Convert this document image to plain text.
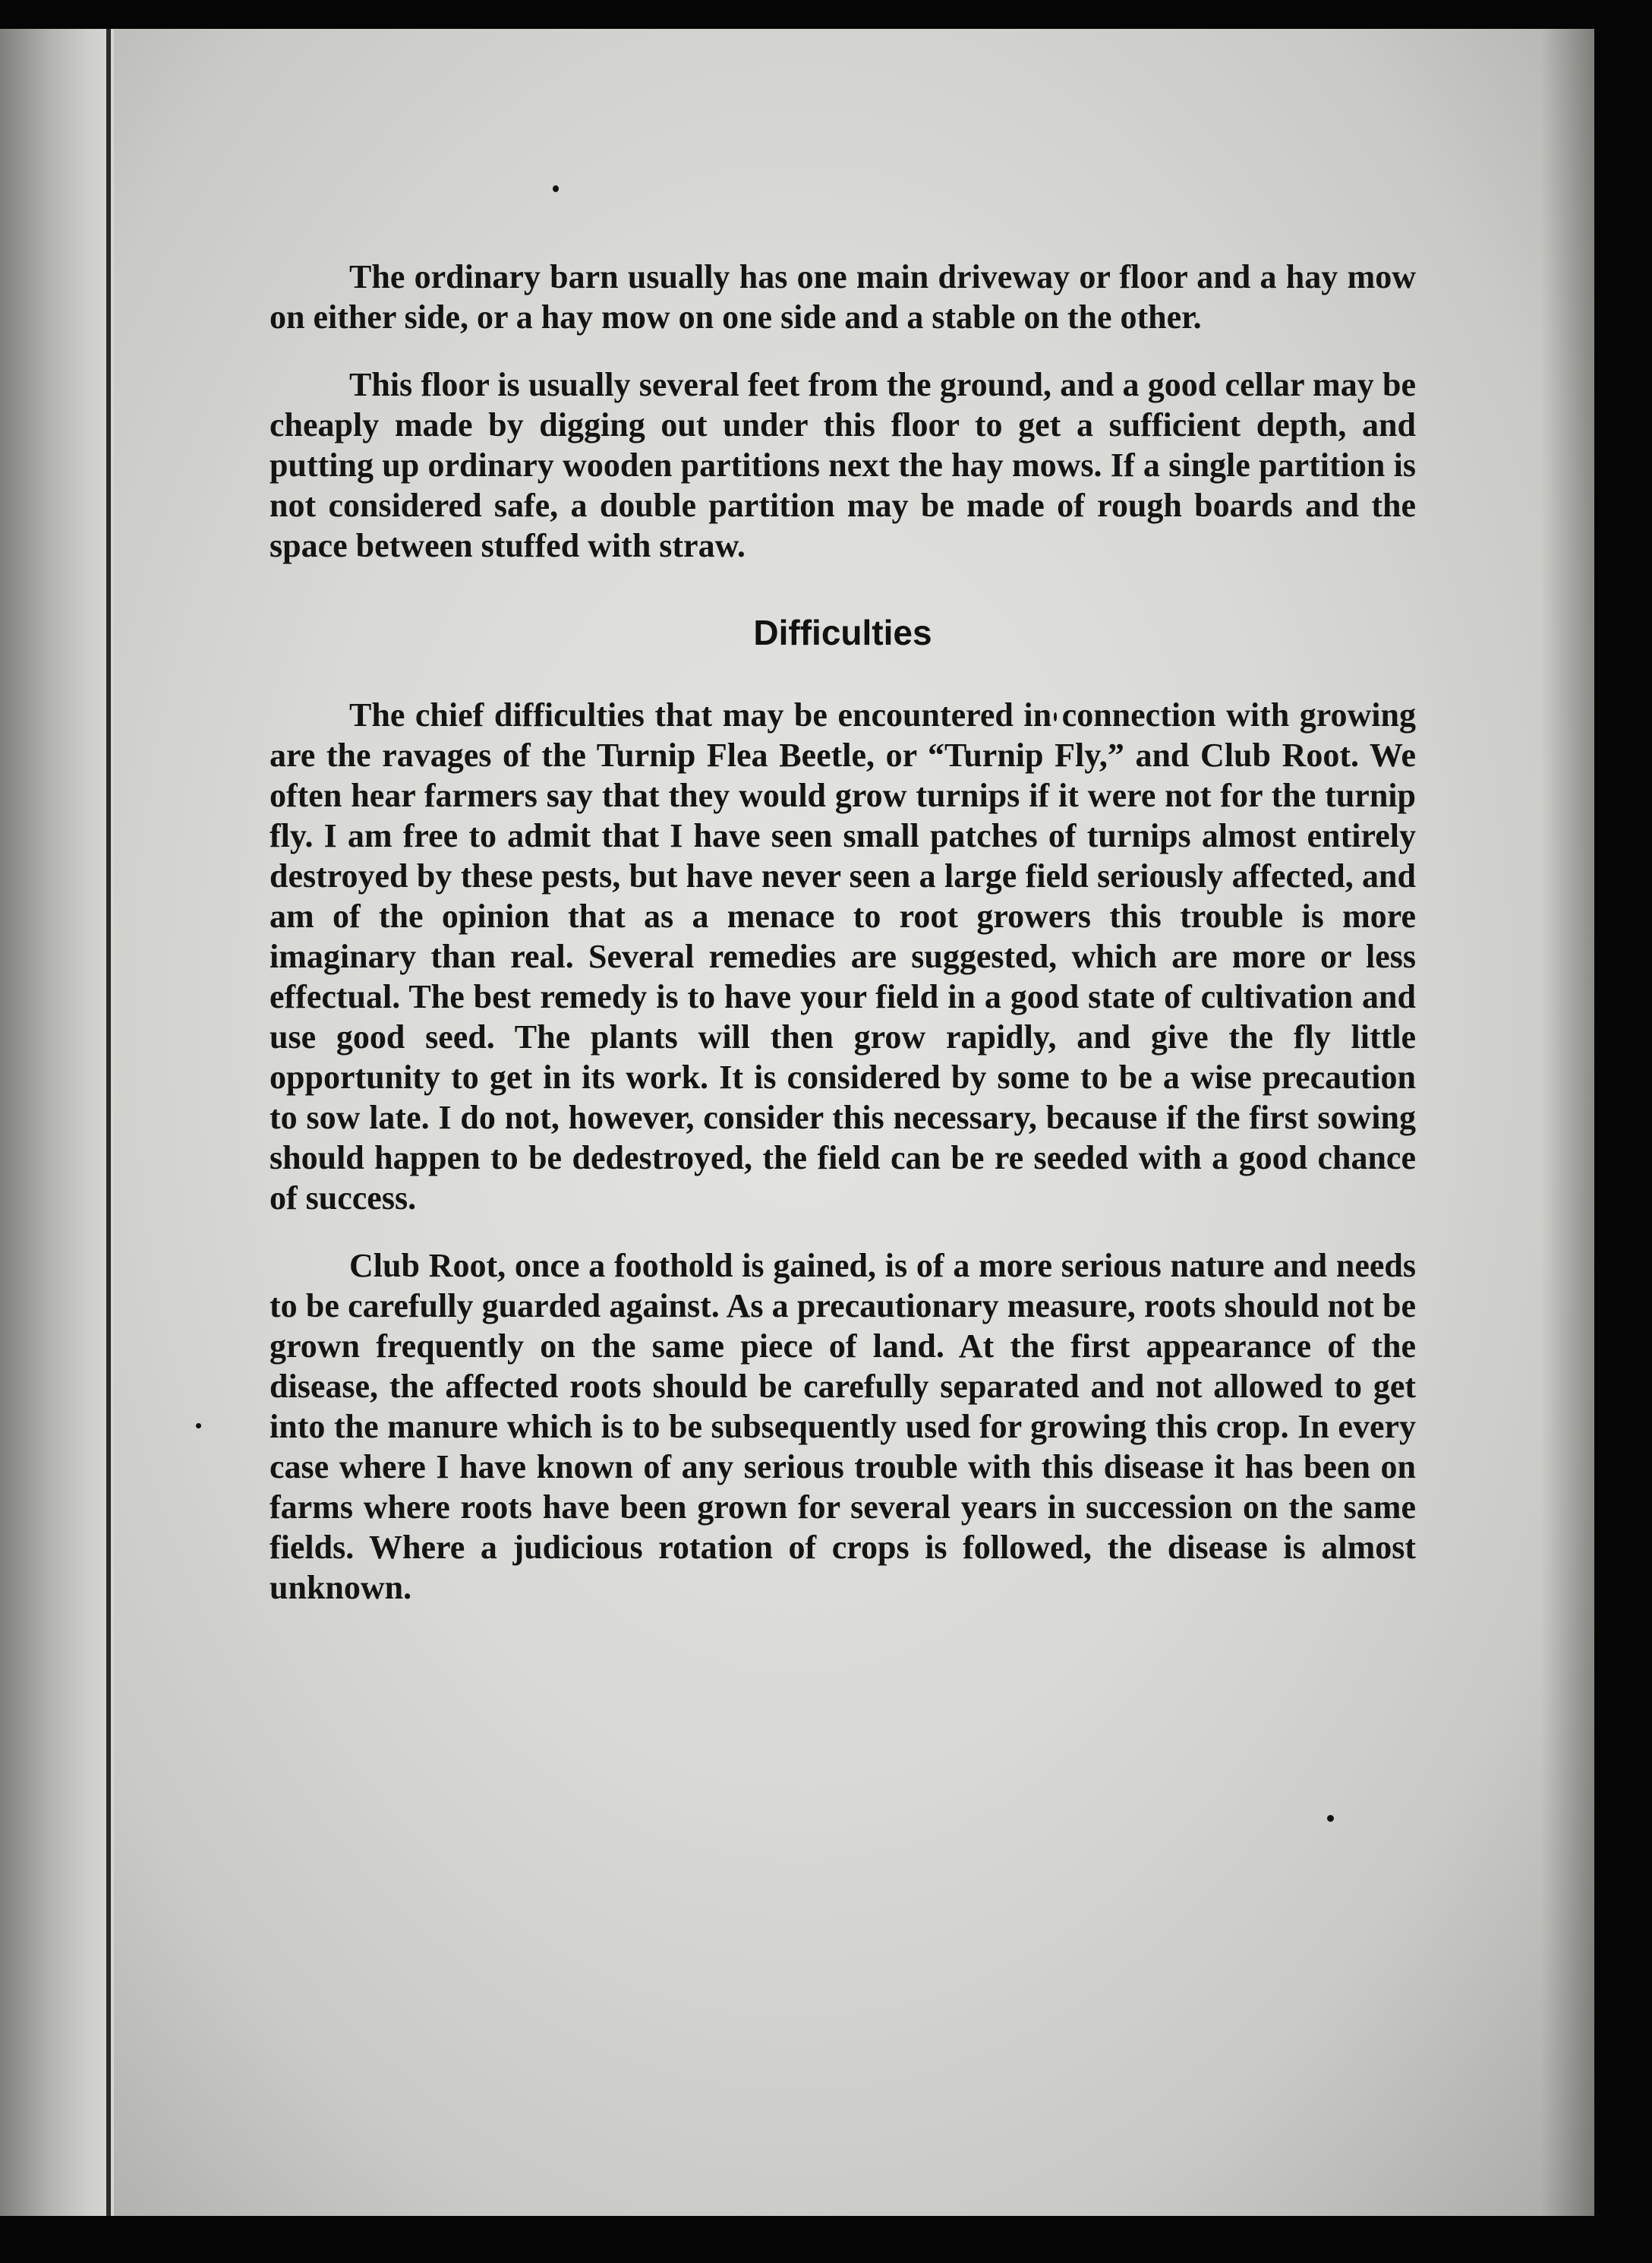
The ordinary barn usually has one main driveway or floor and a hay mow on either side, or a hay mow on one side and a stable on the other.

This floor is usually several feet from the ground, and a good cellar may be cheaply made by digging out under this floor to get a sufficient depth, and putting up ordinary wooden partitions next the hay mows. If a single partition is not considered safe, a double partition may be made of rough boards and the space between stuffed with straw.

Difficulties

The chief difficulties that may be encountered in connection with growing are the ravages of the Turnip Flea Beetle, or “Turnip Fly,” and Club Root. We often hear farmers say that they would grow turnips if it were not for the turnip fly. I am free to admit that I have seen small patches of turnips almost entirely destroyed by these pests, but have never seen a large field seriously affected, and am of the opinion that as a menace to root growers this trouble is more imaginary than real. Several remedies are suggested, which are more or less effectual. The best remedy is to have your field in a good state of cultivation and use good seed. The plants will then grow rapidly, and give the fly little opportunity to get in its work. It is considered by some to be a wise precaution to sow late. I do not, however, consider this necessary, because if the first sowing should happen to be dedestroyed, the field can be re seeded with a good chance of success.

Club Root, once a foothold is gained, is of a more serious nature and needs to be carefully guarded against. As a precautionary measure, roots should not be grown frequently on the same piece of land. At the first appearance of the disease, the affected roots should be carefully separated and not allowed to get into the manure which is to be subsequently used for growing this crop. In every case where I have known of any serious trouble with this disease it has been on farms where roots have been grown for several years in succession on the same fields. Where a judicious rotation of crops is followed, the disease is almost unknown.
